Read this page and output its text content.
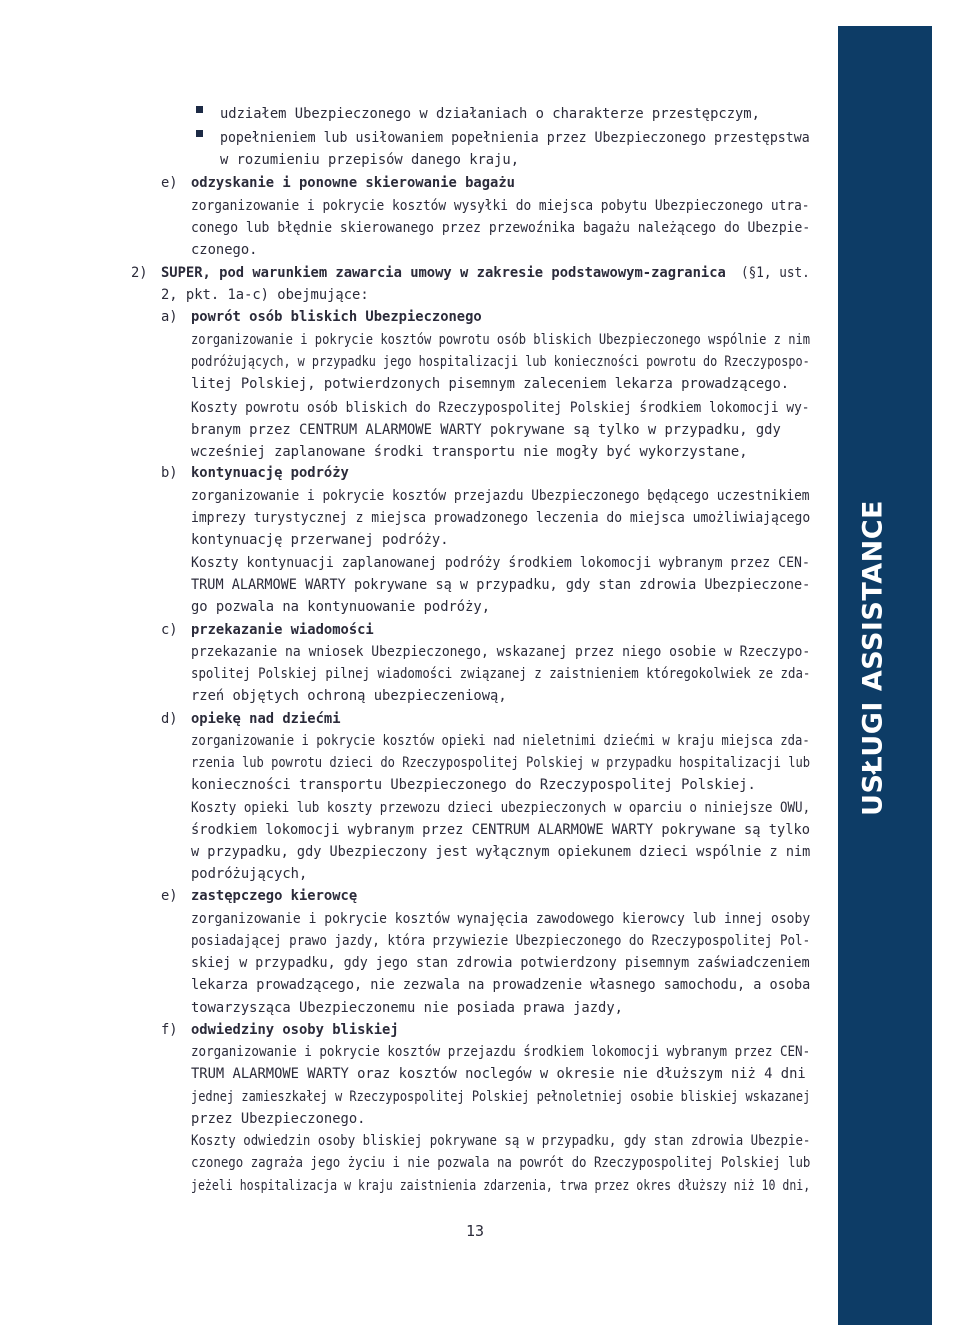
USŁUGI ASSISTANCE
udziałem Ubezpieczonego w działaniach o charakterze przestępczym,
popełnieniem lub usiłowaniem popełnienia przez Ubezpieczonego przestępstwa
w rozumieniu przepisów danego kraju,
e) odzyskanie i ponowne skierowanie bagażu
zorganizowanie i pokrycie kosztów wysyłki do miejsca pobytu Ubezpieczonego utra-
conego lub błędnie skierowanego przez przewoźnika bagażu należącego do Ubezpie-
czonego.
2) SUPER, pod warunkiem zawarcia umowy w zakresie podstawowym-zagranica (§1, ust.
2, pkt. 1a-c) obejmujące:
a) powrót osób bliskich Ubezpieczonego
zorganizowanie i pokrycie kosztów powrotu osób bliskich Ubezpieczonego wspólnie z nim
podróżujących, w przypadku jego hospitalizacji lub konieczności powrotu do Rzeczypospo-
litej Polskiej, potwierdzonych pisemnym zaleceniem lekarza prowadzącego.
Koszty powrotu osób bliskich do Rzeczypospolitej Polskiej środkiem lokomocji wy-
branym przez CENTRUM ALARMOWE WARTY pokrywane są tylko w przypadku, gdy
wcześniej zaplanowane środki transportu nie mogły być wykorzystane,
b) kontynuację podróży
zorganizowanie i pokrycie kosztów przejazdu Ubezpieczonego będącego uczestnikiem
imprezy turystycznej z miejsca prowadzonego leczenia do miejsca umożliwiającego
kontynuację przerwanej podróży.
Koszty kontynuacji zaplanowanej podróży środkiem lokomocji wybranym przez CEN-
TRUM ALARMOWE WARTY pokrywane są w przypadku, gdy stan zdrowia Ubezpieczone-
go pozwala na kontynuowanie podróży,
c) przekazanie wiadomości
przekazanie na wniosek Ubezpieczonego, wskazanej przez niego osobie w Rzeczypo-
spolitej Polskiej pilnej wiadomości związanej z zaistnieniem któregokolwiek ze zda-
rzeń objętych ochroną ubezpieczeniową,
d) opiekę nad dziećmi
zorganizowanie i pokrycie kosztów opieki nad nieletnimi dziećmi w kraju miejsca zda-
rzenia lub powrotu dzieci do Rzeczypospolitej Polskiej w przypadku hospitalizacji lub
konieczności transportu Ubezpieczonego do Rzeczypospolitej Polskiej.
Koszty opieki lub koszty przewozu dzieci ubezpieczonych w oparciu o niniejsze OWU,
środkiem lokomocji wybranym przez CENTRUM ALARMOWE WARTY pokrywane są tylko
w przypadku, gdy Ubezpieczony jest wyłącznym opiekunem dzieci wspólnie z nim
podróżujących,
e) zastępczego kierowcę
zorganizowanie i pokrycie kosztów wynajęcia zawodowego kierowcy lub innej osoby
posiadającej prawo jazdy, która przywiezie Ubezpieczonego do Rzeczypospolitej Pol-
skiej w przypadku, gdy jego stan zdrowia potwierdzony pisemnym zaświadczeniem
lekarza prowadzącego, nie zezwala na prowadzenie własnego samochodu, a osoba
towarzysząca Ubezpieczonemu nie posiada prawa jazdy,
f) odwiedziny osoby bliskiej
zorganizowanie i pokrycie kosztów przejazdu środkiem lokomocji wybranym przez CEN-
TRUM ALARMOWE WARTY oraz kosztów noclegów w okresie nie dłuższym niż 4 dni
jednej zamieszkałej w Rzeczypospolitej Polskiej pełnoletniej osobie bliskiej wskazanej
przez Ubezpieczonego.
Koszty odwiedzin osoby bliskiej pokrywane są w przypadku, gdy stan zdrowia Ubezpie-
czonego zagraża jego życiu i nie pozwala na powrót do Rzeczypospolitej Polskiej lub
jeżeli hospitalizacja w kraju zaistnienia zdarzenia, trwa przez okres dłuższy niż 10 dni,
13
